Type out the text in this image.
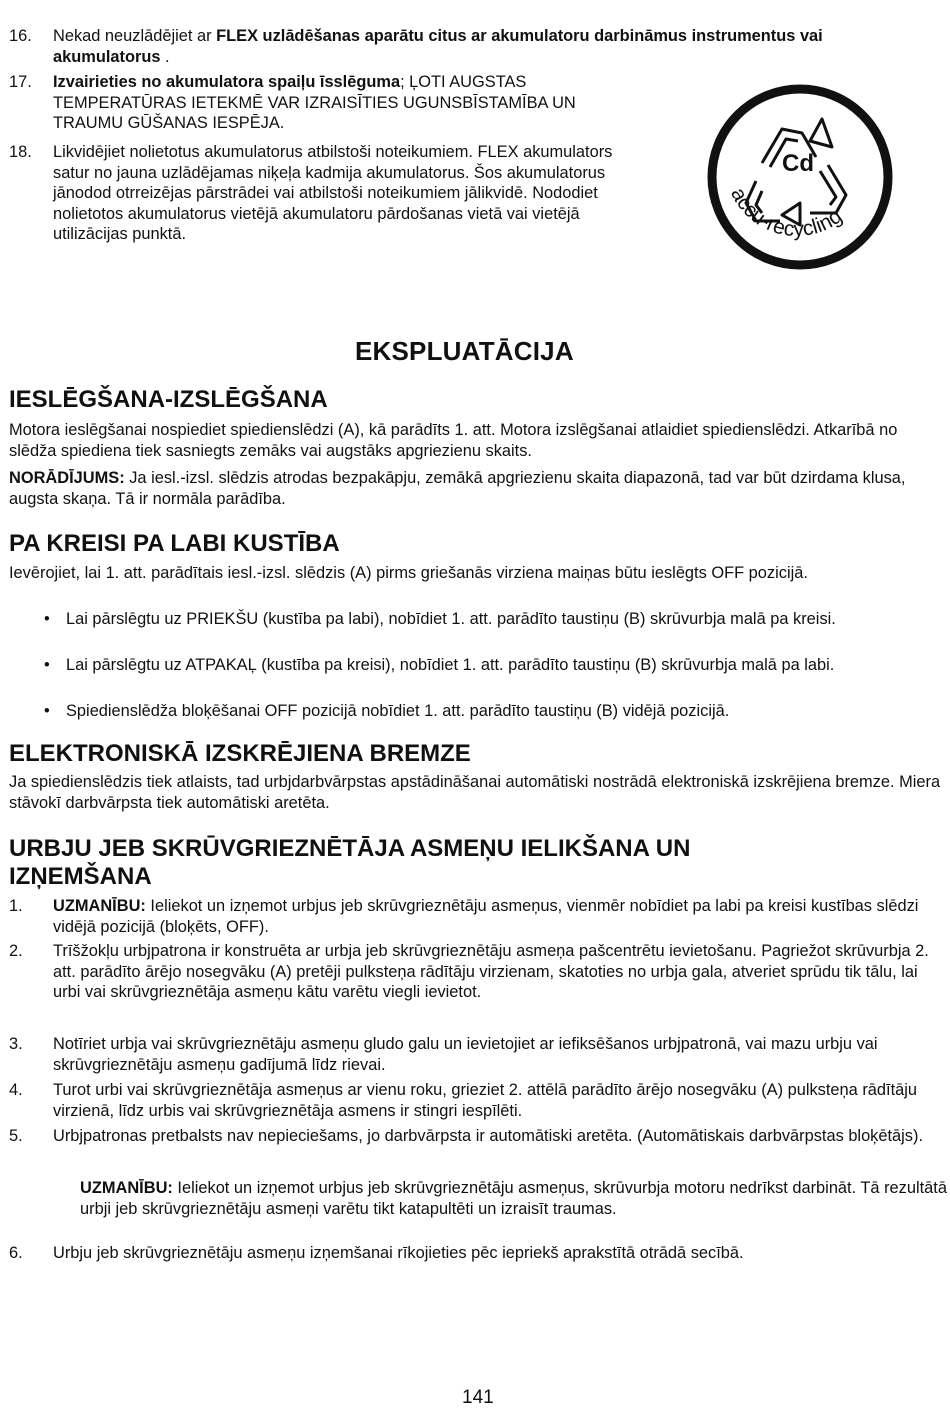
16.	Nekad neuzlādējiet ar FLEX uzlādēšanas aparātu citus ar akumulatoru darbināmus instrumentus vai akumulatorus .
17.	Izvairieties no akumulatora spaiļu īsslēguma; ĻOTI AUGSTAS TEMPERATŪRAS IETEKMĒ VAR IZRAISĪTIES UGUNSBĪSTAMĪBA UN TRAUMU GŪŠANAS IESPĒJA.
18.	Likvidējiet nolietotus akumulatorus atbilstoši noteikumiem. FLEX akumulators satur no jauna uzlādējamas niķeļa kadmija akumulatorus. Šos akumulatorus jānodod otrreizējas pārstrādei vai atbilstoši noteikumiem jālikvidē. Nododiet nolietotos akumulatorus vietējā akumulatoru pārdošanas vietā vai vietējā utilizācijas punktā.
Cd
accu-recycling
EKSPLUATĀCIJA
IESLĒGŠANA-IZSLĒGŠANA
Motora ieslēgšanai nospiediet spiedienslēdzi (A), kā parādīts 1. att. Motora izslēgšanai atlaidiet spiedienslēdzi. Atkarībā no slēdža spiediena tiek sasniegts zemāks vai augstāks apgriezienu skaits.
NORĀDĪJUMS: Ja iesl.-izsl. slēdzis atrodas bezpakāpju, zemākā apgriezienu skaita diapazonā, tad var būt dzirdama klusa, augsta skaņa. Tā ir normāla parādība.
PA KREISI PA LABI KUSTĪBA
Ievērojiet, lai 1. att. parādītais iesl.-izsl. slēdzis (A) pirms griešanās virziena maiņas būtu ieslēgts OFF pozicijā.
• Lai pārslēgtu uz PRIEKŠU (kustība pa labi), nobīdiet 1. att. parādīto taustiņu (B) skrūvurbja malā pa kreisi.
• Lai pārslēgtu uz ATPAKAĻ (kustība pa kreisi), nobīdiet 1. att. parādīto taustiņu (B) skrūvurbja malā pa labi.
• Spiedienslēdža bloķēšanai OFF pozicijā nobīdiet 1. att. parādīto taustiņu (B) vidējā pozicijā.
ELEKTRONISKĀ IZSKRĒJIENA BREMZE
Ja spiedienslēdzis tiek atlaists, tad urbjdarbvārpstas apstādināšanai automātiski nostrādā elektroniskā izskrējiena bremze. Miera stāvokī darbvārpsta tiek automātiski aretēta.
URBJU JEB SKRŪVGRIEZNĒTĀJA ASMEŅU IELIKŠANA UN IZŅEMŠANA
1.	UZMANĪBU: Ieliekot un izņemot urbjus jeb skrūvgrieznētāju asmeņus, vienmēr nobīdiet pa labi pa kreisi kustības slēdzi vidējā pozicijā (bloķēts, OFF).
2.	Trīšžokļu urbjpatrona ir konstruēta ar urbja jeb skrūvgrieznētāju asmeņa pašcentrētu ievietošanu. Pagriežot skrūvurbja 2. att. parādīto ārējo nosegvāku (A) pretēji pulksteņa rādītāju virzienam, skatoties no urbja gala, atveriet sprūdu tik tālu, lai urbi vai skrūvgrieznētāja asmeņu kātu varētu viegli ievietot.
3.	Notīriet urbja vai skrūvgrieznētāju asmeņu gludo galu un ievietojiet ar iefiksēšanos urbjpatronā, vai mazu urbju vai skrūvgrieznētāju asmeņu gadījumā līdz rievai.
4.	Turot urbi vai skrūvgrieznētāja asmeņus ar vienu roku, grieziet 2. attēlā parādīto ārējo nosegvāku (A) pulksteņa rādītāju virzienā, līdz urbis vai skrūvgrieznētāja asmens ir stingri iespīlēti.
5.	Urbjpatronas pretbalsts nav nepieciešams, jo darbvārpsta ir automātiski aretēta. (Automātiskais darbvārpstas bloķētājs).
UZMANĪBU: Ieliekot un izņemot urbjus jeb skrūvgrieznētāju asmeņus, skrūvurbja motoru nedrīkst darbināt. Tā rezultātā urbji jeb skrūvgrieznētāju asmeņi varētu tikt katapultēti un izraisīt traumas.
6.	Urbju jeb skrūvgrieznētāju asmeņu izņemšanai rīkojieties pēc iepriekš aprakstītā otrādā secībā.
141
